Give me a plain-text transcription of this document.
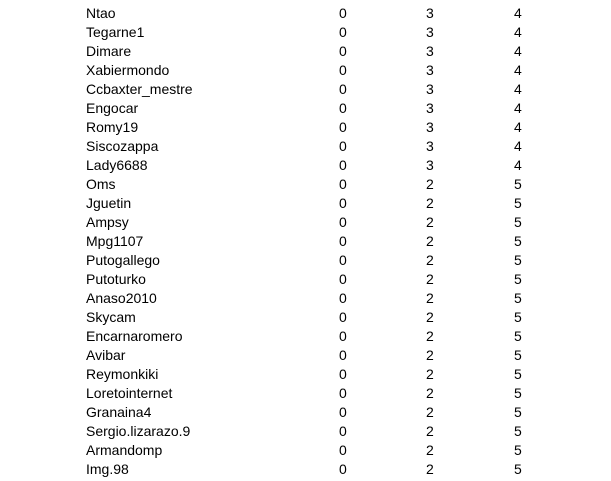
Ntao	0	3	4
Tegarne1	0	3	4
Dimare	0	3	4
Xabiermondo	0	3	4
Ccbaxter_mestre	0	3	4
Engocar	0	3	4
Romy19	0	3	4
Siscozappa	0	3	4
Lady6688	0	3	4
Oms	0	2	5
Jguetin	0	2	5
Ampsy	0	2	5
Mpg1107	0	2	5
Putogallego	0	2	5
Putoturko	0	2	5
Anaso2010	0	2	5
Skycam	0	2	5
Encarnaromero	0	2	5
Avibar	0	2	5
Reymonkiki	0	2	5
Loretointernet	0	2	5
Granaina4	0	2	5
Sergio.lizarazo.9	0	2	5
Armandomp	0	2	5
Img.98	0	2	5
